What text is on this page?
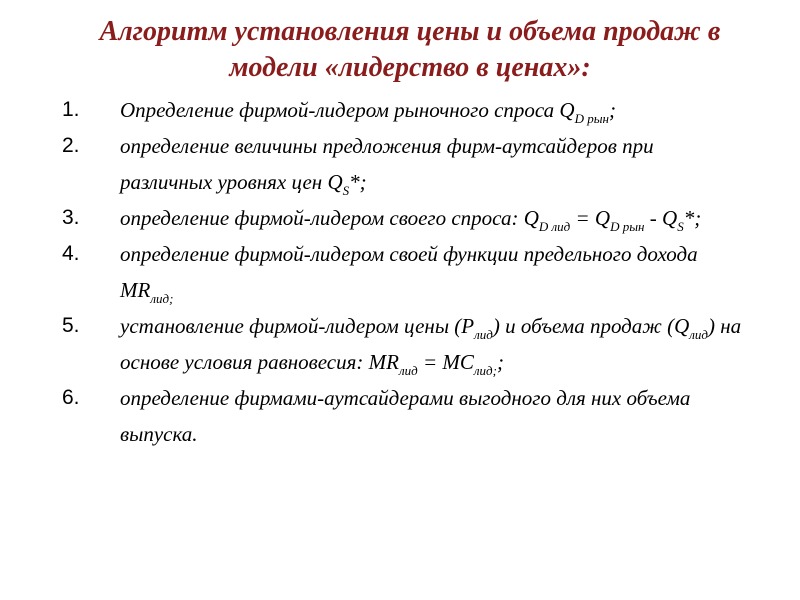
Алгоритм установления цены и объема продаж в модели «лидерство в ценах»:
1. Определение фирмой-лидером рыночного спроса $Q_{D рын}$;
2. определение величины предложения фирм-аутсайдеров при различных уровнях цен $Q_S*$;
3. определение фирмой-лидером своего спроса: $Q_{D лид} = Q_{D рын} - Q_S*$;
4. определение фирмой-лидером своей функции предельного дохода $MR_{лид;}$
5. установление фирмой-лидером цены $(P_{лид})$ и объема продаж $(Q_{лид})$ на основе условия равновесия: $MR_{лид} = MC_{лид;}$;
6. определение фирмами-аутсайдерами выгодного для них объема выпуска.
